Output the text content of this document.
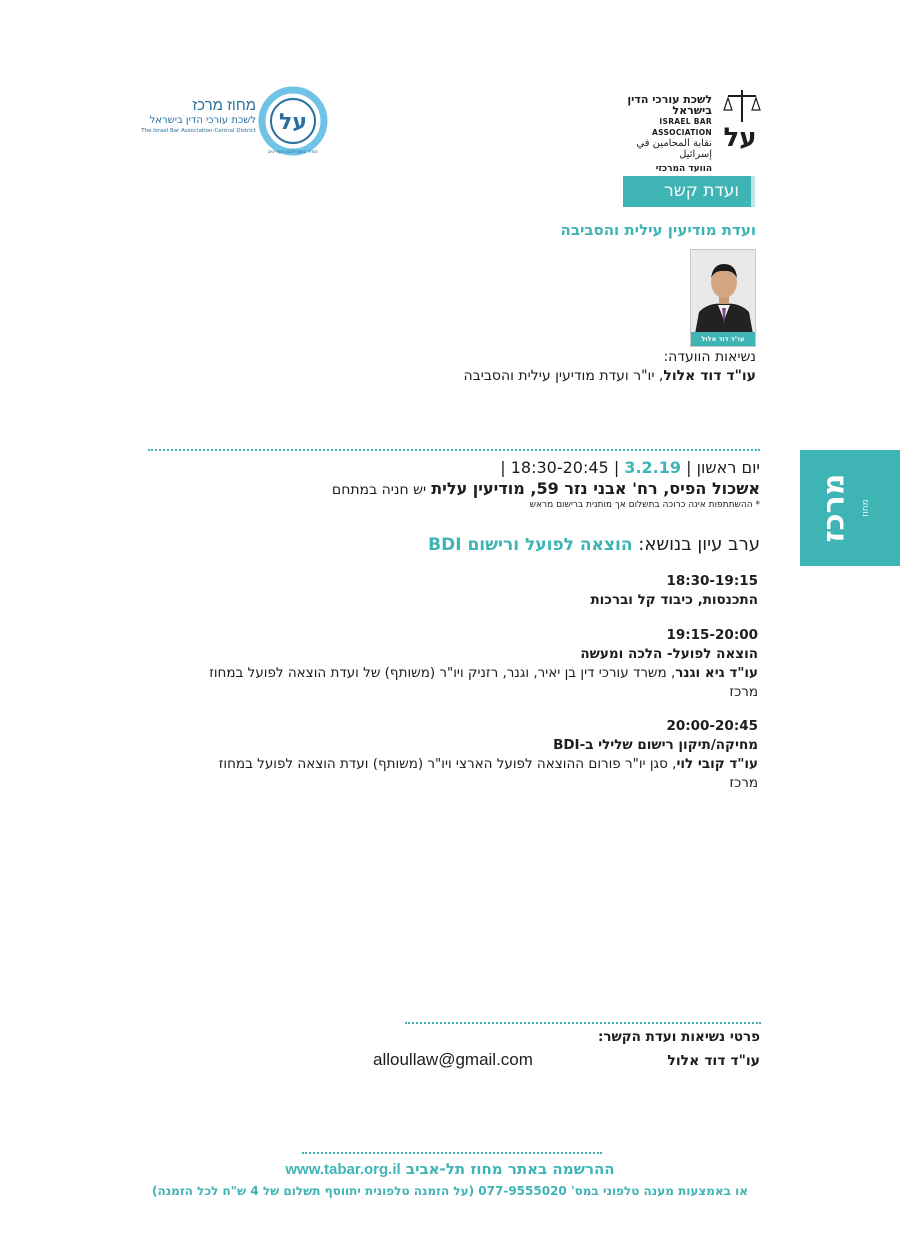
על
תמיד בשבילכם העניינים
מחוז מרכז
לשכת עורכי הדין בישראל
The Israel Bar Association-Central District	על
לשכת עורכי הדין בישראל
ISRAEL BAR ASSOCIATION
نقابة المحامين في إسرائيل
הוועד המרכזי
ועדת קשר
ועדת מודיעין עילית והסביבה
עו"ד דוד אלול
נשיאות הוועדה:
עו"ד דוד אלול, יו"ר ועדת מודיעין עילית והסביבה
מרכז מחוז
יום ראשון | 3.2.19 | 18:30-20:45 |
אשכול הפיס, רח' אבני נזר 59, מודיעין עלית יש חניה במתחם
* ההשתתפות אינה כרוכה בתשלום אך מותנית ברישום מראש
ערב עיון בנושא: הוצאה לפועל ורישום BDI
18:30-19:15
התכנסות, כיבוד קל וברכות
19:15-20:00
הוצאה לפועל- הלכה ומעשה
עו"ד גיא וגנר, משרד עורכי דין בן יאיר, וגנר, רזניק ויו"ר (משותף) של ועדת הוצאה לפועל במחוז מרכז
20:00-20:45
מחיקה/תיקון רישום שלילי ב-BDI
עו"ד קובי לוי, סגן יו"ר פורום ההוצאה לפועל הארצי ויו"ר (משותף) ועדת הוצאה לפועל במחוז מרכז
פרטי נשיאות ועדת הקשר:
עו"ד דוד אלול
alloullaw@gmail.com
ההרשמה באתר מחוז תל-אביב www.tabar.org.il
או באמצעות מענה טלפוני במס' 077-9555020 (על הזמנה טלפונית יתווסף תשלום של 4 ש"ח לכל הזמנה)
